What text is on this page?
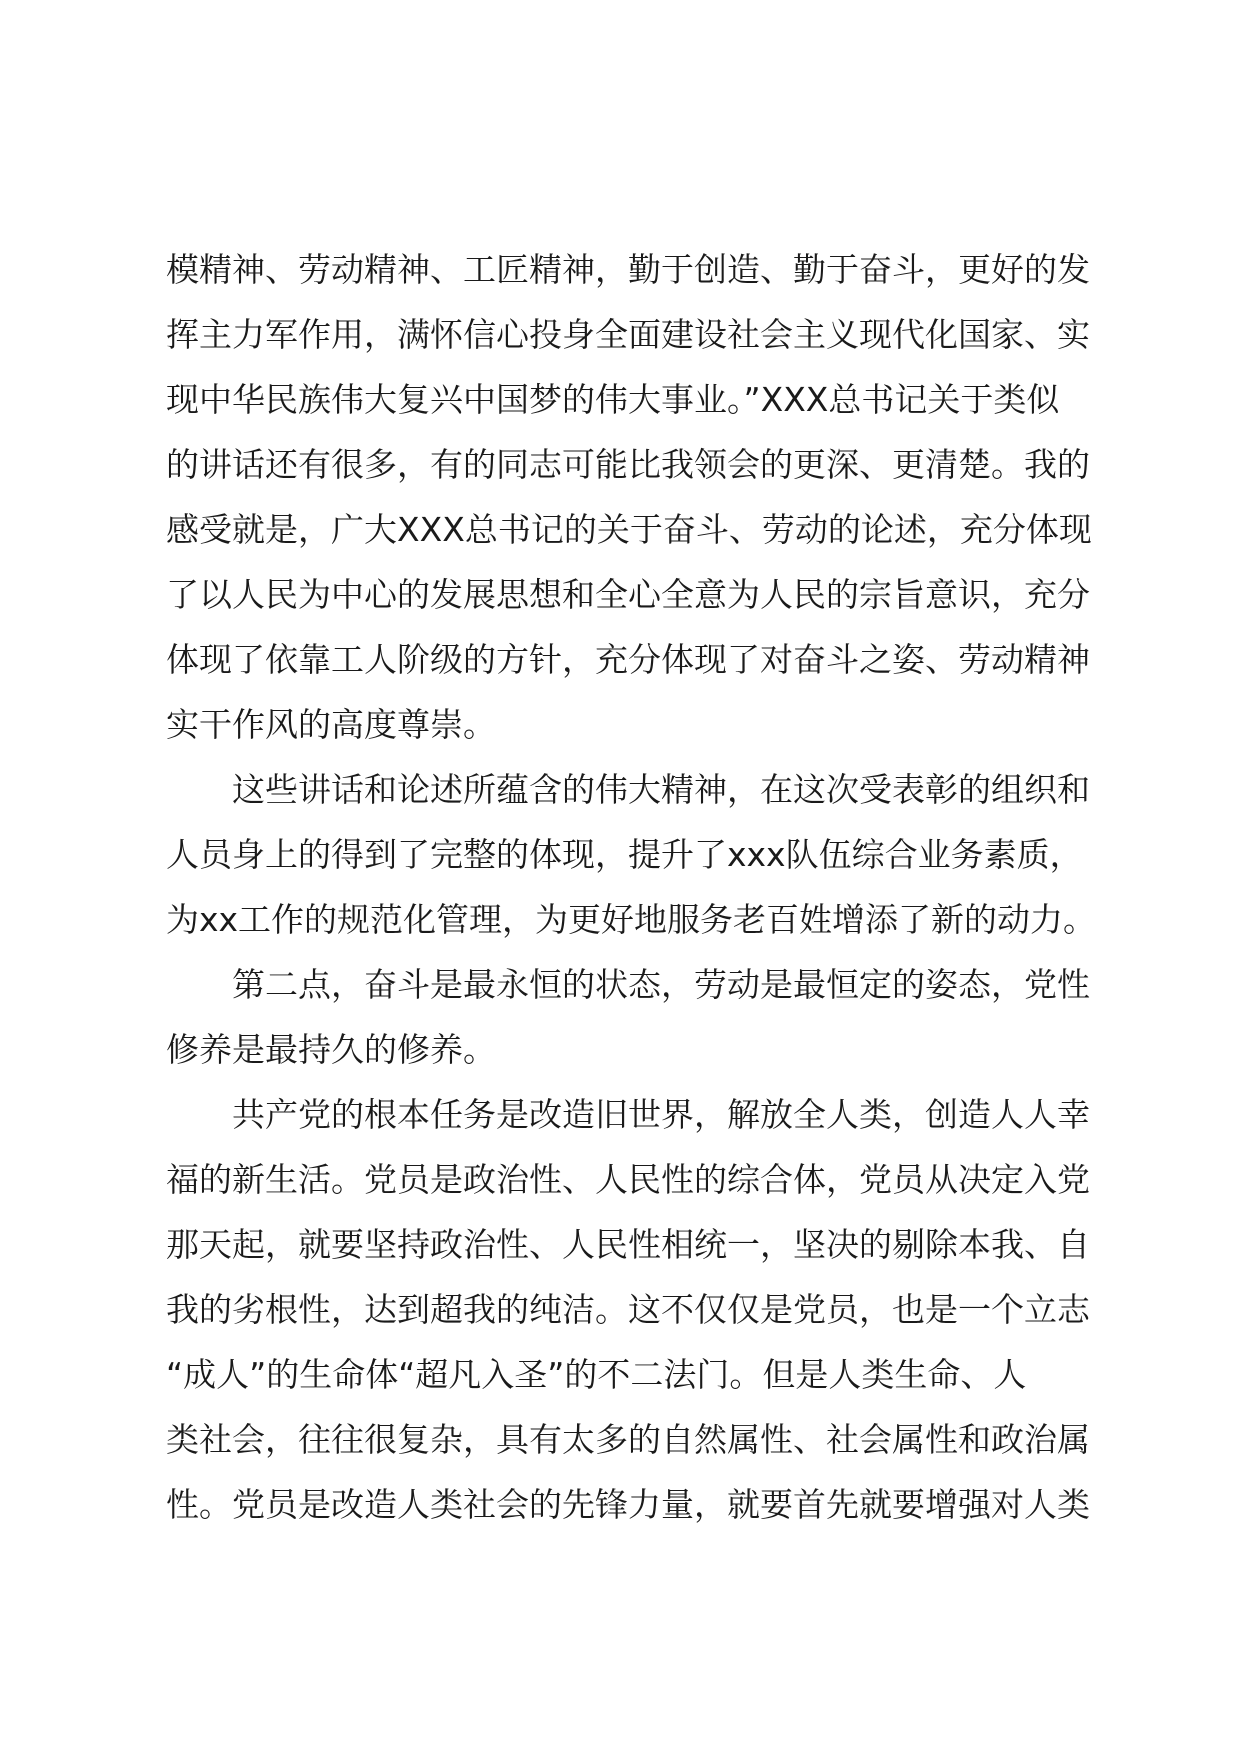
模精神、劳动精神、工匠精神，勤于创造、勤于奋斗，更好的发
挥主力军作用，满怀信心投身全面建设社会主义现代化国家、实
现中华民族伟大复兴中国梦的伟大事业。”XXX总书记关于类似
的讲话还有很多，有的同志可能比我领会的更深、更清楚。我的
感受就是，广大XXX总书记的关于奋斗、劳动的论述，充分体现
了以人民为中心的发展思想和全心全意为人民的宗旨意识，充分
体现了依靠工人阶级的方针，充分体现了对奋斗之姿、劳动精神
实干作风的高度尊崇。
这些讲话和论述所蕴含的伟大精神，在这次受表彰的组织和
人员身上的得到了完整的体现，提升了xxx队伍综合业务素质，
为xx工作的规范化管理，为更好地服务老百姓增添了新的动力。
第二点，奋斗是最永恒的状态，劳动是最恒定的姿态，党性
修养是最持久的修养。
共产党的根本任务是改造旧世界，解放全人类，创造人人幸
福的新生活。党员是政治性、人民性的综合体，党员从决定入党
那天起，就要坚持政治性、人民性相统一，坚决的剔除本我、自
我的劣根性，达到超我的纯洁。这不仅仅是党员，也是一个立志
“成人”的生命体“超凡入圣”的不二法门。但是人类生命、人
类社会，往往很复杂，具有太多的自然属性、社会属性和政治属
性。党员是改造人类社会的先锋力量，就要首先就要增强对人类
